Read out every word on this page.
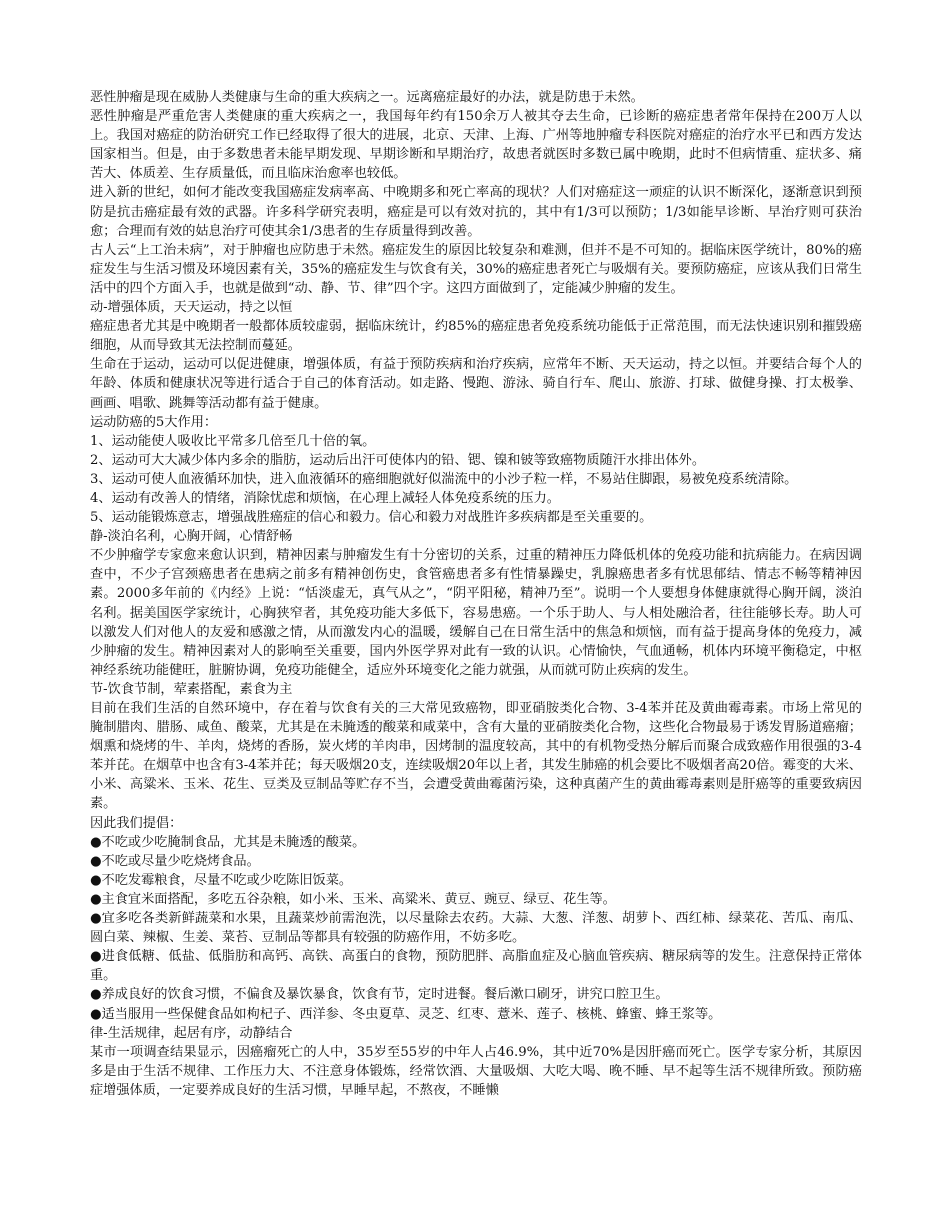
恶性肿瘤是现在威胁人类健康与生命的重大疾病之一。远离癌症最好的办法，就是防患于未然。

恶性肿瘤是严重危害人类健康的重大疾病之一，我国每年约有150余万人被其夺去生命，已诊断的癌症患者常年保持在200万人以上。我国对癌症的防治研究工作已经取得了很大的进展，北京、天津、上海、广州等地肿瘤专科医院对癌症的治疗水平已和西方发达国家相当。但是，由于多数患者未能早期发现、早期诊断和早期治疗，故患者就医时多数已属中晚期，此时不但病情重、症状多、痛苦大、体质差、生存质量低，而且临床治愈率也较低。

进入新的世纪，如何才能改变我国癌症发病率高、中晚期多和死亡率高的现状？人们对癌症这一顽症的认识不断深化，逐渐意识到预防是抗击癌症最有效的武器。许多科学研究表明，癌症是可以有效对抗的，其中有1/3可以预防；1/3如能早诊断、早治疗则可获治愈；合理而有效的姑息治疗可使其余1/3患者的生存质量得到改善。

古人云“上工治未病”，对于肿瘤也应防患于未然。癌症发生的原因比较复杂和难测，但并不是不可知的。据临床医学统计，80%的癌症发生与生活习惯及环境因素有关，35%的癌症发生与饮食有关，30%的癌症患者死亡与吸烟有关。要预防癌症，应该从我们日常生活中的四个方面入手，也就是做到“动、静、节、律”四个字。这四方面做到了，定能减少肿瘤的发生。

动-增强体质，天天运动，持之以恒

癌症患者尤其是中晚期者一般都体质较虚弱，据临床统计，约85%的癌症患者免疫系统功能低于正常范围，而无法快速识别和摧毁癌细胞，从而导致其无法控制而蔓延。

生命在于运动，运动可以促进健康，增强体质，有益于预防疾病和治疗疾病，应常年不断、天天运动，持之以恒。并要结合每个人的年龄、体质和健康状况等进行适合于自己的体育活动。如走路、慢跑、游泳、骑自行车、爬山、旅游、打球、做健身操、打太极拳、画画、唱歌、跳舞等活动都有益于健康。

运动防癌的5大作用：

1、运动能使人吸收比平常多几倍至几十倍的氧。

2、运动可大大减少体内多余的脂肪，运动后出汗可使体内的铅、锶、镍和铍等致癌物质随汗水排出体外。

3、运动可使人血液循环加快，进入血液循环的癌细胞就好似湍流中的小沙子粒一样，不易站住脚跟，易被免疫系统清除。

4、运动有改善人的情绪，消除忧虑和烦恼，在心理上减轻人体免疫系统的压力。

5、运动能锻炼意志，增强战胜癌症的信心和毅力。信心和毅力对战胜许多疾病都是至关重要的。

静-淡泊名利，心胸开阔，心情舒畅

不少肿瘤学专家愈来愈认识到，精神因素与肿瘤发生有十分密切的关系，过重的精神压力降低机体的免疫功能和抗病能力。在病因调查中，不少子宫颈癌患者在患病之前多有精神创伤史，食管癌患者多有性情暴躁史，乳腺癌患者多有忧思郁结、情志不畅等精神因素。2000多年前的《内经》上说：“恬淡虚无，真气从之”，“阴平阳秘，精神乃至”。说明一个人要想身体健康就得心胸开阔，淡泊名利。据美国医学家统计，心胸狭窄者，其免疫功能大多低下，容易患癌。一个乐于助人、与人相处融洽者，往往能够长寿。助人可以激发人们对他人的友爱和感激之情，从而激发内心的温暖，缓解自己在日常生活中的焦急和烦恼，而有益于提高身体的免疫力，减少肿瘤的发生。精神因素对人的影响至关重要，国内外医学界对此有一致的认识。心情愉快，气血通畅，机体内环境平衡稳定，中枢神经系统功能健旺，脏腑协调，免疫功能健全，适应外环境变化之能力就强，从而就可防止疾病的发生。

节-饮食节制，荤素搭配，素食为主

目前在我们生活的自然环境中，存在着与饮食有关的三大常见致癌物，即亚硝胺类化合物、3-4苯并芘及黄曲霉毒素。市场上常见的腌制腊肉、腊肠、咸鱼、酸菜，尤其是在未腌透的酸菜和咸菜中，含有大量的亚硝胺类化合物，这些化合物最易于诱发胃肠道癌瘤；烟熏和烧烤的牛、羊肉，烧烤的香肠，炭火烤的羊肉串，因烤制的温度较高，其中的有机物受热分解后而聚合成致癌作用很强的3-4苯并芘。在烟草中也含有3-4苯并芘；每天吸烟20支，连续吸烟20年以上者，其发生肺癌的机会要比不吸烟者高20倍。霉变的大米、小米、高粱米、玉米、花生、豆类及豆制品等贮存不当，会遭受黄曲霉菌污染，这种真菌产生的黄曲霉毒素则是肝癌等的重要致病因素。

因此我们提倡：

●不吃或少吃腌制食品，尤其是未腌透的酸菜。

●不吃或尽量少吃烧烤食品。

●不吃发霉粮食，尽量不吃或少吃陈旧饭菜。

●主食宜米面搭配，多吃五谷杂粮，如小米、玉米、高粱米、黄豆、豌豆、绿豆、花生等。

●宜多吃各类新鲜蔬菜和水果，且蔬菜炒前需泡洗，以尽量除去农药。大蒜、大葱、洋葱、胡萝卜、西红柿、绿菜花、苦瓜、南瓜、圆白菜、辣椒、生姜、菜苔、豆制品等都具有较强的防癌作用，不妨多吃。

●进食低糖、低盐、低脂肪和高钙、高铁、高蛋白的食物，预防肥胖、高脂血症及心脑血管疾病、糖尿病等的发生。注意保持正常体重。

●养成良好的饮食习惯，不偏食及暴饮暴食，饮食有节，定时进餐。餐后漱口刷牙，讲究口腔卫生。

●适当服用一些保健食品如枸杞子、西洋参、冬虫夏草、灵芝、红枣、薏米、莲子、核桃、蜂蜜、蜂王浆等。

律-生活规律，起居有序，动静结合

某市一项调查结果显示，因癌瘤死亡的人中，35岁至55岁的中年人占46.9%，其中近70%是因肝癌而死亡。医学专家分析，其原因多是由于生活不规律、工作压力大、不注意身体锻炼，经常饮酒、大量吸烟、大吃大喝、晚不睡、早不起等生活不规律所致。预防癌症增强体质，一定要养成良好的生活习惯，早睡早起，不熬夜，不睡懒
